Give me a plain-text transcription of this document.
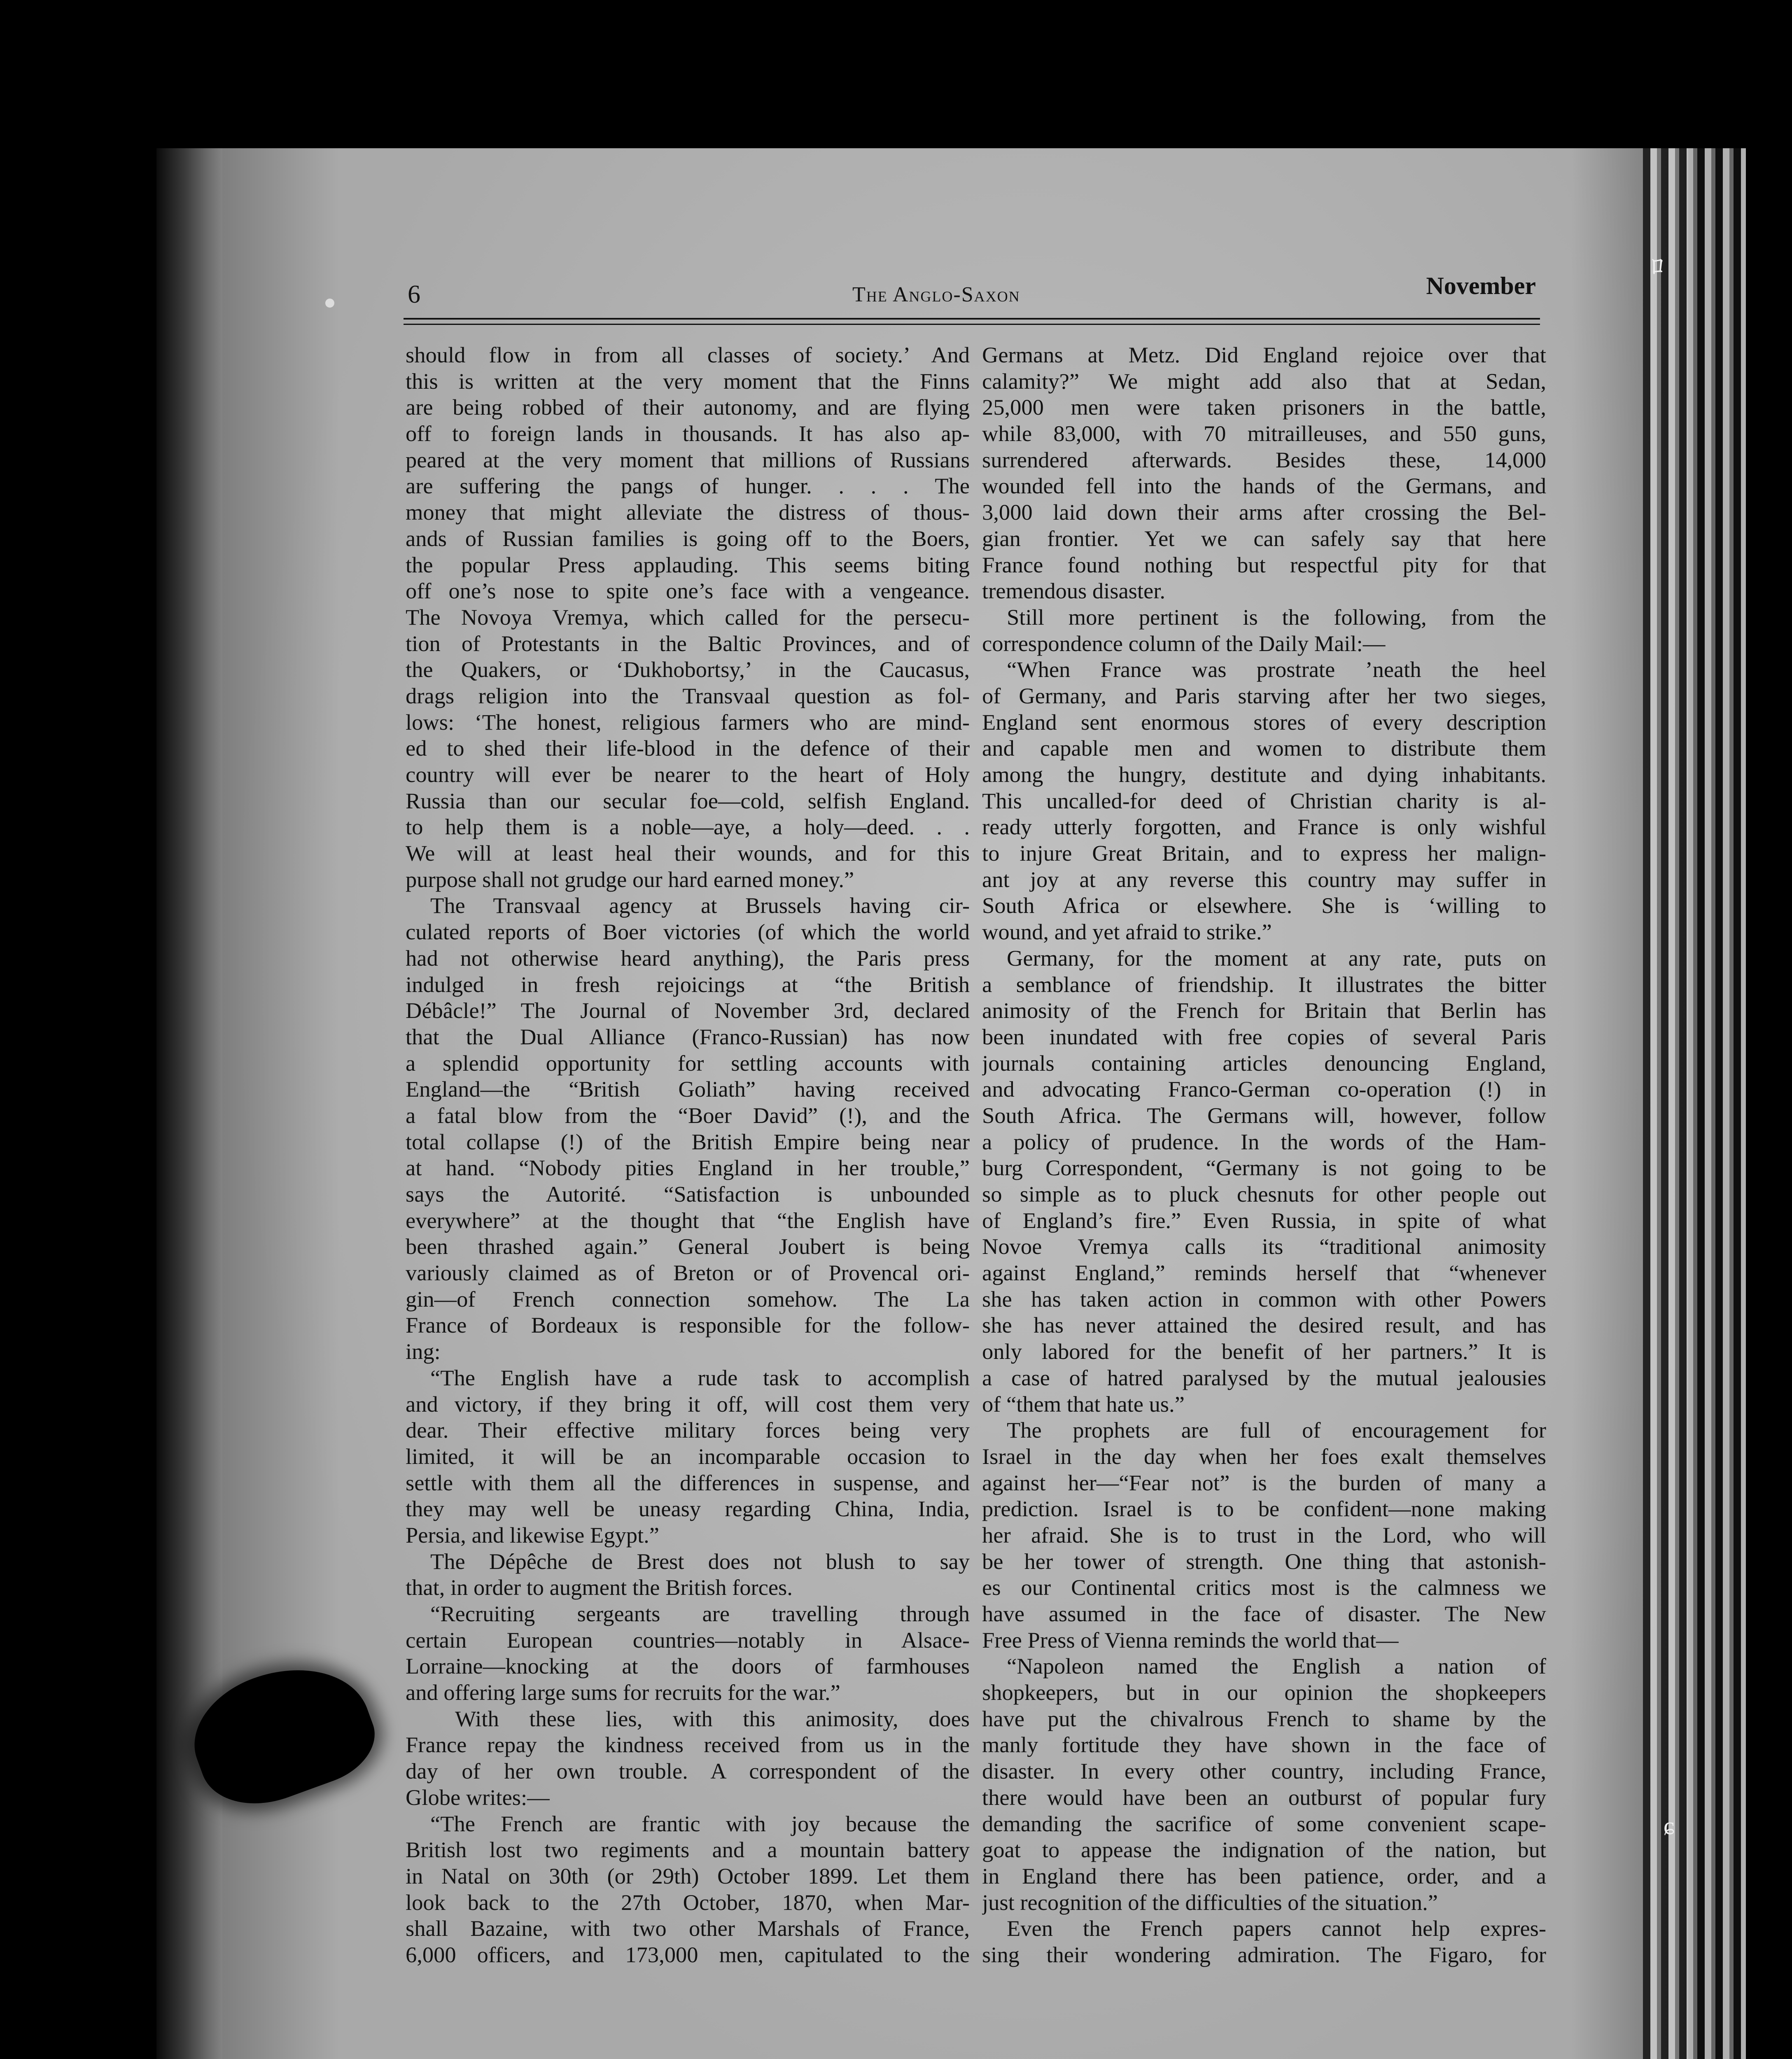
ﾛ
ɕ
6	The Anglo-Saxon	November
should flow in from all classes of society.’ And
this is written at the very moment that the Finns
are being robbed of their autonomy, and are flying
off to foreign lands in thousands. It has also ap-
peared at the very moment that millions of Russians
are suffering the pangs of hunger. . . . The
money that might alleviate the distress of thous-
ands of Russian families is going off to the Boers,
the popular Press applauding. This seems biting
off one’s nose to spite one’s face with a vengeance.
The Novoya Vremya, which called for the persecu-
tion of Protestants in the Baltic Provinces, and of
the Quakers, or ‘Dukhobortsy,’ in the Caucasus,
drags religion into the Transvaal question as fol-
lows: ‘The honest, religious farmers who are mind-
ed to shed their life-blood in the defence of their
country will ever be nearer to the heart of Holy
Russia than our secular foe—cold, selfish England.
to help them is a noble—aye, a holy—deed. . .
We will at least heal their wounds, and for this
purpose shall not grudge our hard earned money.”
The Transvaal agency at Brussels having cir-
culated reports of Boer victories (of which the world
had not otherwise heard anything), the Paris press
indulged in fresh rejoicings at “the British
Débâcle!” The Journal of November 3rd, declared
that the Dual Alliance (Franco-Russian) has now
a splendid opportunity for settling accounts with
England—the “British Goliath” having received
a fatal blow from the “Boer David” (!), and the
total collapse (!) of the British Empire being near
at hand. “Nobody pities England in her trouble,”
says the Autorité. “Satisfaction is unbounded
everywhere” at the thought that “the English have
been thrashed again.” General Joubert is being
variously claimed as of Breton or of Provencal ori-
gin—of French connection somehow. The La
France of Bordeaux is responsible for the follow-
ing:
“The English have a rude task to accomplish
and victory, if they bring it off, will cost them very
dear. Their effective military forces being very
limited, it will be an incomparable occasion to
settle with them all the differences in suspense, and
they may well be uneasy regarding China, India,
Persia, and likewise Egypt.”
The Dépêche de Brest does not blush to say
that, in order to augment the British forces.
“Recruiting sergeants are travelling through
certain European countries—notably in Alsace-
Lorraine—knocking at the doors of farmhouses
and offering large sums for recruits for the war.”
With these lies, with this animosity, does
France repay the kindness received from us in the
day of her own trouble. A correspondent of the
Globe writes:—
“The French are frantic with joy because the
British lost two regiments and a mountain battery
in Natal on 30th (or 29th) October 1899. Let them
look back to the 27th October, 1870, when Mar-
shall Bazaine, with two other Marshals of France,
6,000 officers, and 173,000 men, capitulated to the
Germans at Metz. Did England rejoice over that
calamity?” We might add also that at Sedan,
25,000 men were taken prisoners in the battle,
while 83,000, with 70 mitrailleuses, and 550 guns,
surrendered afterwards. Besides these, 14,000
wounded fell into the hands of the Germans, and
3,000 laid down their arms after crossing the Bel-
gian frontier. Yet we can safely say that here
France found nothing but respectful pity for that
tremendous disaster.
Still more pertinent is the following, from the
correspondence column of the Daily Mail:—
“When France was prostrate ’neath the heel
of Germany, and Paris starving after her two sieges,
England sent enormous stores of every description
and capable men and women to distribute them
among the hungry, destitute and dying inhabitants.
This uncalled-for deed of Christian charity is al-
ready utterly forgotten, and France is only wishful
to injure Great Britain, and to express her malign-
ant joy at any reverse this country may suffer in
South Africa or elsewhere. She is ‘willing to
wound, and yet afraid to strike.”
Germany, for the moment at any rate, puts on
a semblance of friendship. It illustrates the bitter
animosity of the French for Britain that Berlin has
been inundated with free copies of several Paris
journals containing articles denouncing England,
and advocating Franco-German co-operation (!) in
South Africa. The Germans will, however, follow
a policy of prudence. In the words of the Ham-
burg Correspondent, “Germany is not going to be
so simple as to pluck chesnuts for other people out
of England’s fire.” Even Russia, in spite of what
Novoe Vremya calls its “traditional animosity
against England,” reminds herself that “whenever
she has taken action in common with other Powers
she has never attained the desired result, and has
only labored for the benefit of her partners.” It is
a case of hatred paralysed by the mutual jealousies
of “them that hate us.”
The prophets are full of encouragement for
Israel in the day when her foes exalt themselves
against her—“Fear not” is the burden of many a
prediction. Israel is to be confident—none making
her afraid. She is to trust in the Lord, who will
be her tower of strength. One thing that astonish-
es our Continental critics most is the calmness we
have assumed in the face of disaster. The New
Free Press of Vienna reminds the world that—
“Napoleon named the English a nation of
shopkeepers, but in our opinion the shopkeepers
have put the chivalrous French to shame by the
manly fortitude they have shown in the face of
disaster. In every other country, including France,
there would have been an outburst of popular fury
demanding the sacrifice of some convenient scape-
goat to appease the indignation of the nation, but
in England there has been patience, order, and a
just recognition of the difficulties of the situation.”
Even the French papers cannot help expres-
sing their wondering admiration. The Figaro, for
